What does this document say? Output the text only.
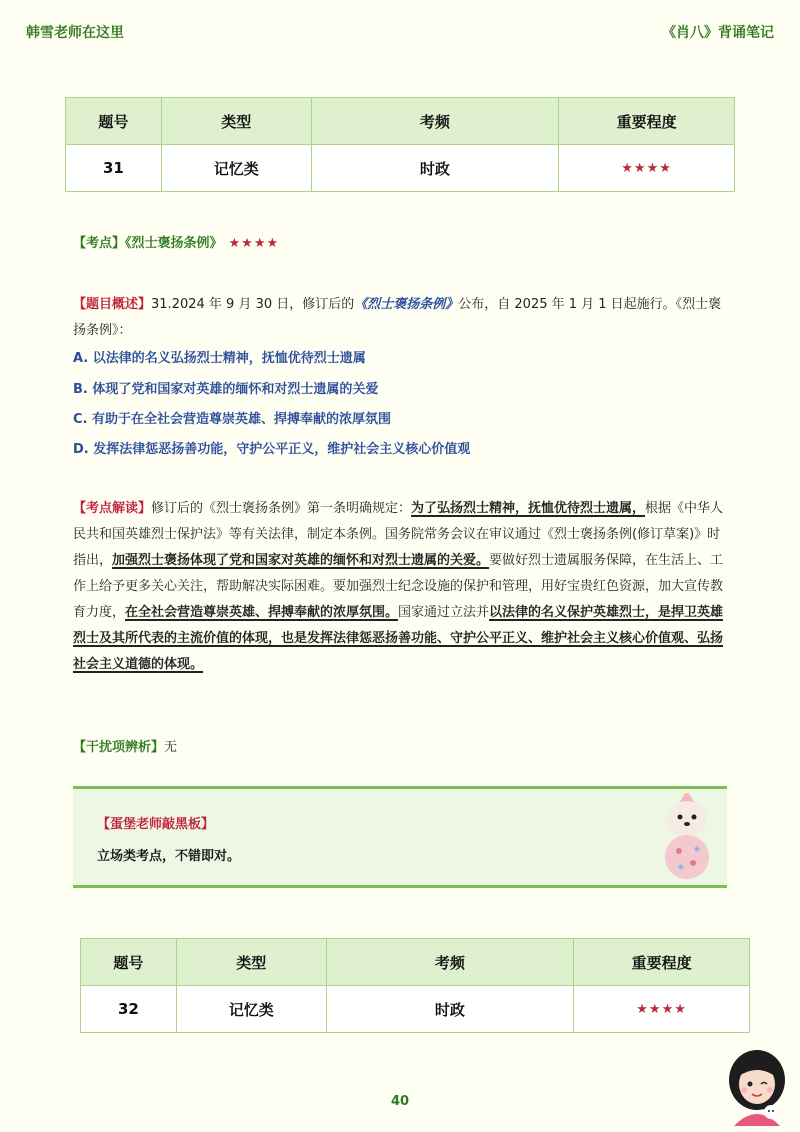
韩雪老师在这里	《肖八》背诵笔记
题号	类型	考频	重要程度
31	记忆类	时政	★★★★
【考点】《烈士褒扬条例》 ★★★★
【题目概述】31.2024 年 9 月 30 日，修订后的《烈士褒扬条例》公布，自 2025 年 1 月 1 日起施行。《烈士褒扬条例》：
A. 以法律的名义弘扬烈士精神，抚恤优待烈士遗属
B. 体现了党和国家对英雄的缅怀和对烈士遗属的关爱
C. 有助于在全社会营造尊崇英雄、捍搏奉献的浓厚氛围
D. 发挥法律惩恶扬善功能，守护公平正义，维护社会主义核心价值观
【考点解读】修订后的《烈士褒扬条例》第一条明确规定：为了弘扬烈士精神，抚恤优待烈士遗属，根据《中华人民共和国英雄烈士保护法》等有关法律，制定本条例。国务院常务会议在审议通过《烈士褒扬条例(修订草案)》时指出，加强烈士褒扬体现了党和国家对英雄的缅怀和对烈士遗属的关爱。要做好烈士遗属服务保障，在生活上、工作上给予更多关心关注，帮助解决实际困难。要加强烈士纪念设施的保护和管理，用好宝贵红色资源，加大宣传教育力度，在全社会营造尊崇英雄、捍搏奉献的浓厚氛围。国家通过立法并以法律的名义保护英雄烈士，是捍卫英雄烈士及其所代表的主流价值的体现，也是发挥法律惩恶扬善功能、守护公平正义、维护社会主义核心价值观、弘扬社会主义道德的体现。
【干扰项辨析】无
【蛋堡老师敲黑板】
立场类考点，不错即对。
题号	类型	考频	重要程度
32	记忆类	时政	★★★★
40
